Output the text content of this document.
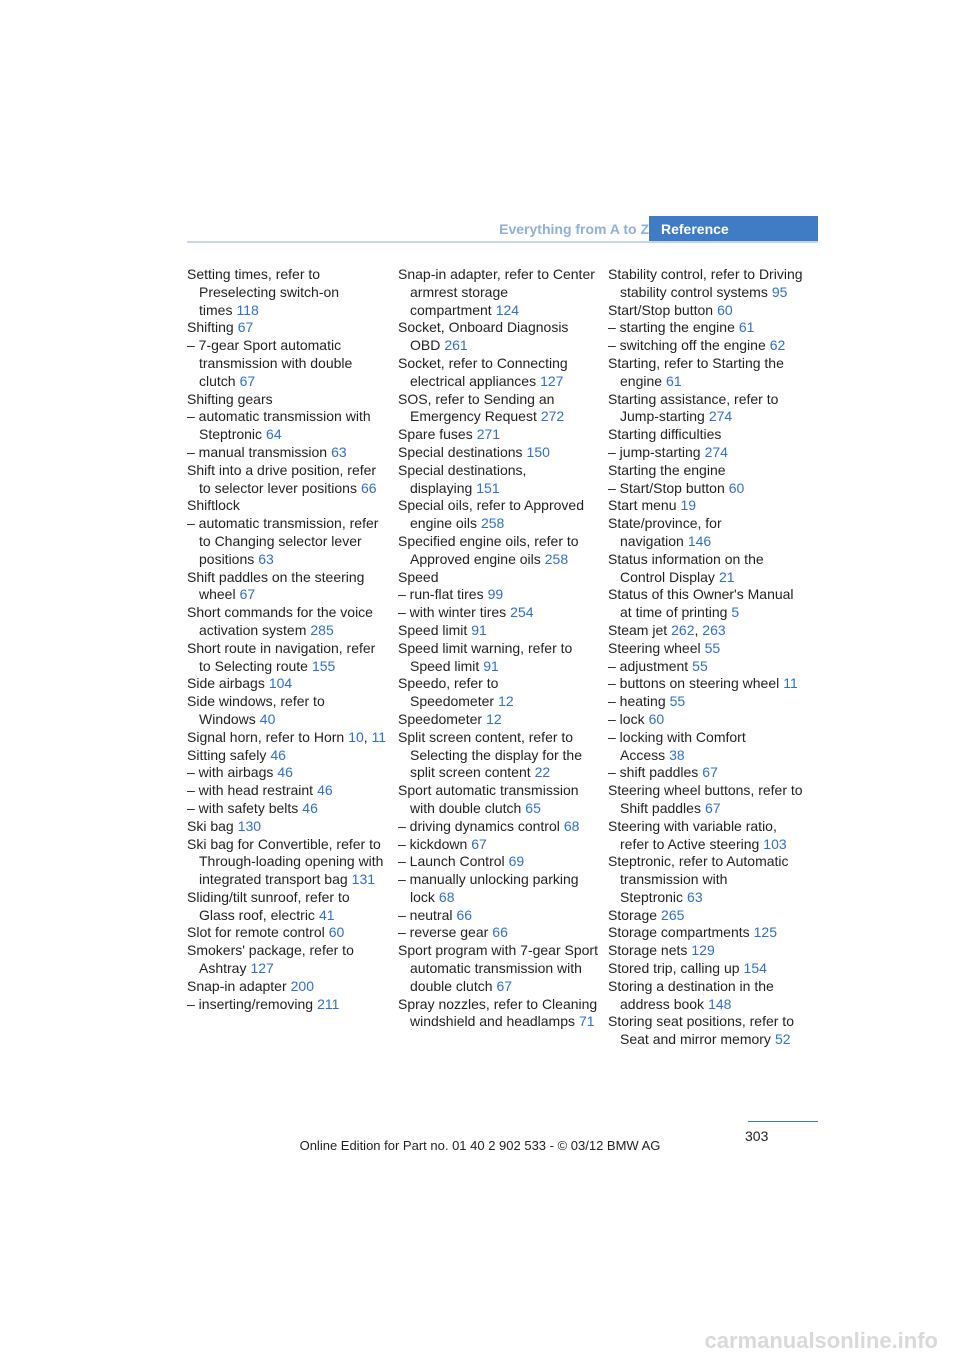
Everything from A to Z Reference
Setting times, refer to Preselecting switch-on times 118
Shifting 67
– 7-gear Sport automatic transmission with double clutch 67
Shifting gears
– automatic transmission with Steptronic 64
– manual transmission 63
Shift into a drive position, refer to selector lever positions 66
Shiftlock
– automatic transmission, refer to Changing selector lever positions 63
Shift paddles on the steering wheel 67
Short commands for the voice activation system 285
Short route in navigation, refer to Selecting route 155
Side airbags 104
Side windows, refer to Windows 40
Signal horn, refer to Horn 10, 11
Sitting safely 46
– with airbags 46
– with head restraint 46
– with safety belts 46
Ski bag 130
Ski bag for Convertible, refer to Through-loading opening with integrated transport bag 131
Sliding/tilt sunroof, refer to Glass roof, electric 41
Slot for remote control 60
Smokers' package, refer to Ashtray 127
Snap-in adapter 200
– inserting/removing 211
Snap-in adapter, refer to Center armrest storage compartment 124
Socket, Onboard Diagnosis OBD 261
Socket, refer to Connecting electrical appliances 127
SOS, refer to Sending an Emergency Request 272
Spare fuses 271
Special destinations 150
Special destinations, displaying 151
Special oils, refer to Approved engine oils 258
Specified engine oils, refer to Approved engine oils 258
Speed
– run-flat tires 99
– with winter tires 254
Speed limit 91
Speed limit warning, refer to Speed limit 91
Speedo, refer to Speedometer 12
Speedometer 12
Split screen content, refer to Selecting the display for the split screen content 22
Sport automatic transmission with double clutch 65
– driving dynamics control 68
– kickdown 67
– Launch Control 69
– manually unlocking parking lock 68
– neutral 66
– reverse gear 66
Sport program with 7-gear Sport automatic transmission with double clutch 67
Spray nozzles, refer to Cleaning windshield and headlamps 71
Stability control, refer to Driving stability control systems 95
Start/Stop button 60
– starting the engine 61
– switching off the engine 62
Starting, refer to Starting the engine 61
Starting assistance, refer to Jump-starting 274
Starting difficulties
– jump-starting 274
Starting the engine
– Start/Stop button 60
Start menu 19
State/province, for navigation 146
Status information on the Control Display 21
Status of this Owner's Manual at time of printing 5
Steam jet 262, 263
Steering wheel 55
– adjustment 55
– buttons on steering wheel 11
– heating 55
– lock 60
– locking with Comfort Access 38
– shift paddles 67
Steering wheel buttons, refer to Shift paddles 67
Steering with variable ratio, refer to Active steering 103
Steptronic, refer to Automatic transmission with Steptronic 63
Storage 265
Storage compartments 125
Storage nets 129
Stored trip, calling up 154
Storing a destination in the address book 148
Storing seat positions, refer to Seat and mirror memory 52
303
Online Edition for Part no. 01 40 2 902 533 - © 03/12 BMW AG
carmanualsonline.info
